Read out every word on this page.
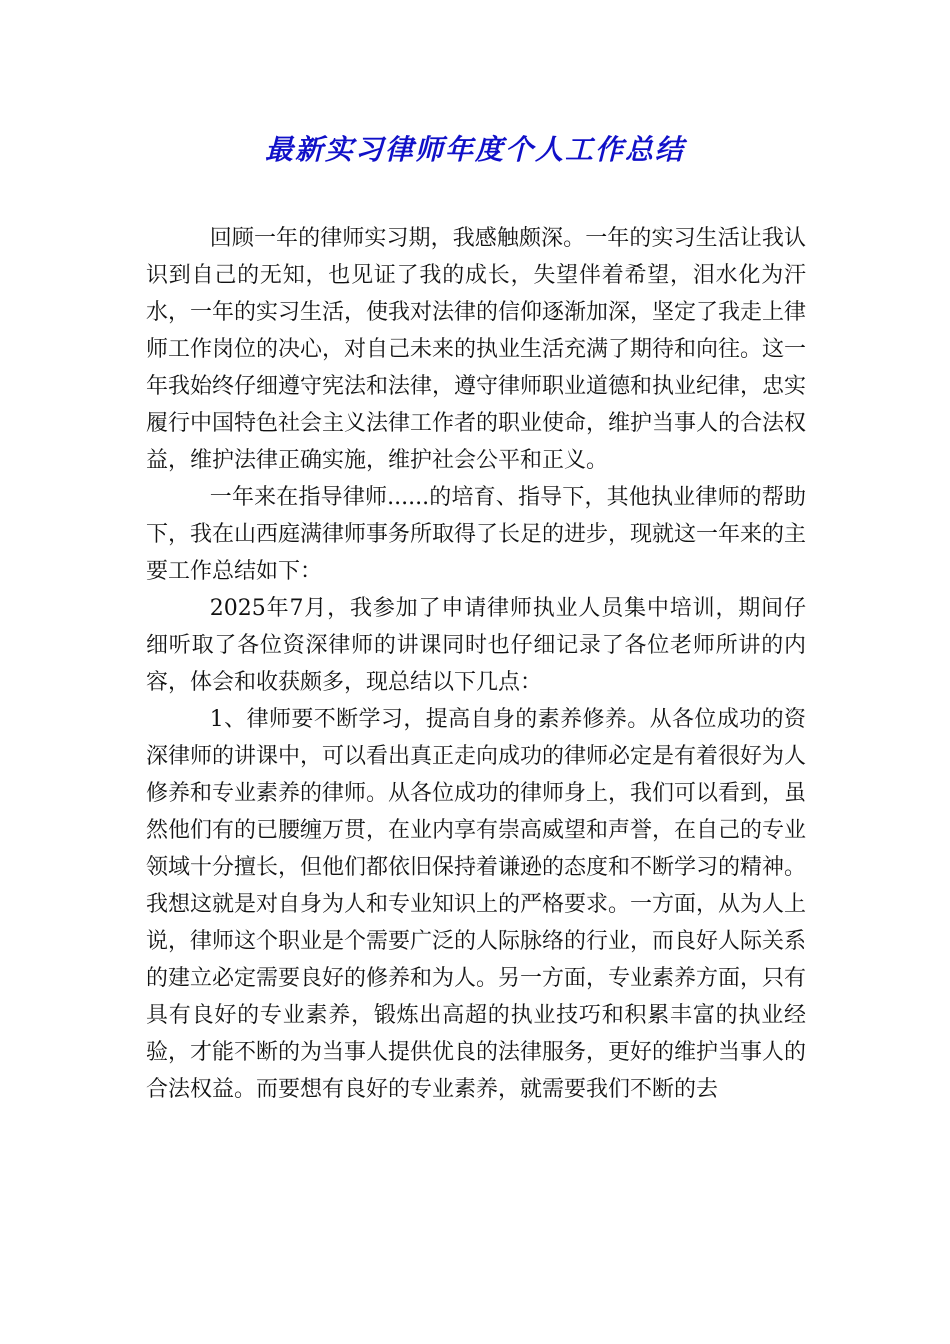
最新实习律师年度个人工作总结

回顾一年的律师实习期，我感触颇深。一年的实习生活让我认识到自己的无知，也见证了我的成长，失望伴着希望，泪水化为汗水，一年的实习生活，使我对法律的信仰逐渐加深，坚定了我走上律师工作岗位的决心，对自己未来的执业生活充满了期待和向往。这一年我始终仔细遵守宪法和法律，遵守律师职业道德和执业纪律，忠实履行中国特色社会主义法律工作者的职业使命，维护当事人的合法权益，维护法律正确实施，维护社会公平和正义。

一年来在指导律师......的培育、指导下，其他执业律师的帮助下，我在山西庭满律师事务所取得了长足的进步，现就这一年来的主要工作总结如下：

2025年7月，我参加了申请律师执业人员集中培训，期间仔细听取了各位资深律师的讲课同时也仔细记录了各位老师所讲的内容，体会和收获颇多，现总结以下几点：

1、律师要不断学习，提高自身的素养修养。从各位成功的资深律师的讲课中，可以看出真正走向成功的律师必定是有着很好为人修养和专业素养的律师。从各位成功的律师身上，我们可以看到，虽然他们有的已腰缠万贯，在业内享有崇高威望和声誉，在自己的专业领域十分擅长，但他们都依旧保持着谦逊的态度和不断学习的精神。我想这就是对自身为人和专业知识上的严格要求。一方面，从为人上说，律师这个职业是个需要广泛的人际脉络的行业，而良好人际关系的建立必定需要良好的修养和为人。另一方面，专业素养方面，只有具有良好的专业素养，锻炼出高超的执业技巧和积累丰富的执业经验，才能不断的为当事人提供优良的法律服务，更好的维护当事人的合法权益。而要想有良好的专业素养，就需要我们不断的去
